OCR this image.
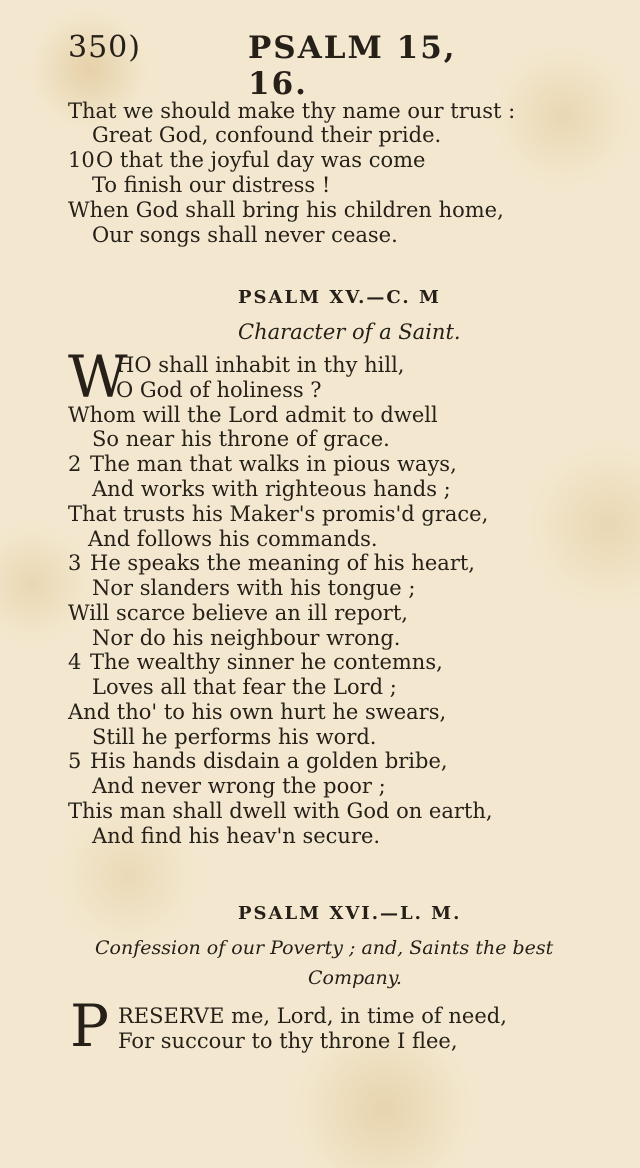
350)	PSALM 15, 16.
That we should make thy name our trust :
Great God, confound their pride.
10O that the joyful day was come
To finish our distress !
When God shall bring his children home,
Our songs shall never cease.
PSALM XV.—C. M
Character of a Saint.
W
HO shall inhabit in thy hill,
O God of holiness ?
Whom will the Lord admit to dwell
So near his throne of grace.
2 The man that walks in pious ways,
And works with righteous hands ;
That trusts his Maker's promis'd grace,
And follows his commands.
3 He speaks the meaning of his heart,
Nor slanders with his tongue ;
Will scarce believe an ill report,
Nor do his neighbour wrong.
4 The wealthy sinner he contemns,
Loves all that fear the Lord ;
And tho' to his own hurt he swears,
Still he performs his word.
5 His hands disdain a golden bribe,
And never wrong the poor ;
This man shall dwell with God on earth,
And find his heav'n secure.
PSALM XVI.—L. M.
Confession of our Poverty ; and, Saints the best
Company.
P RESERVE me, Lord, in time of need,
For succour to thy throne I flee,
